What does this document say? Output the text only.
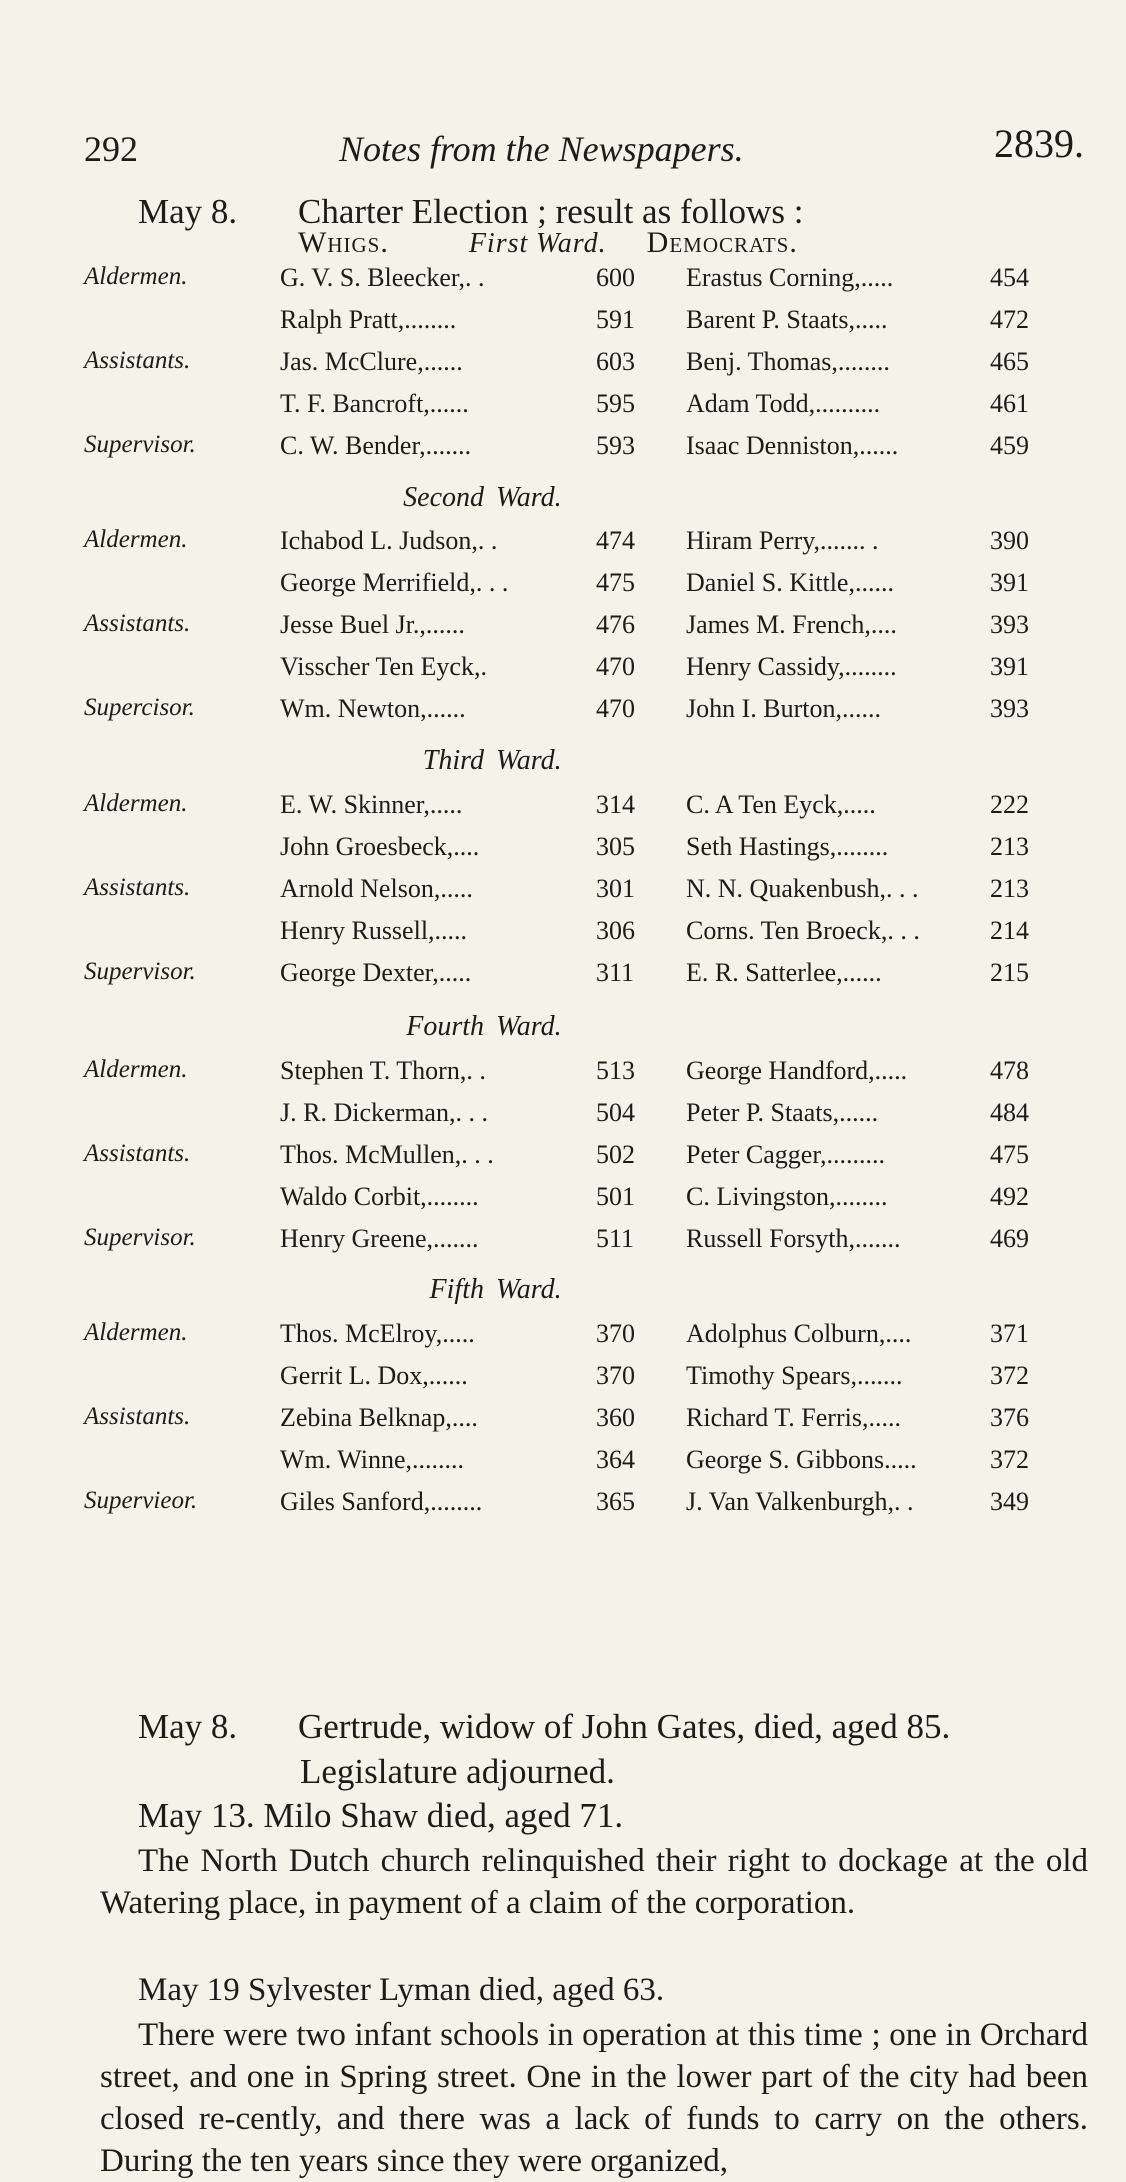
292	Notes from the Newspapers.	2839.
May 8. Charter Election ; result as follows :
Whigs.	First Ward. Democrats.
Aldermen.	G. V. S. Bleecker,. .	600 Erastus Corning,.....	454
Ralph Pratt,........	591 Barent P. Staats,.....	472
Assistants.	Jas. McClure,......	603 Benj. Thomas,........	465
T. F. Bancroft,......	595 Adam Todd,..........	461
Supervisor.	C. W. Bender,.......	593 Isaac Denniston,......	459
Second Ward.
Aldermen.	Ichabod L. Judson,. .	474 Hiram Perry,....... .	390
George Merrifield,. . .	475 Daniel S. Kittle,......	391
Assistants.	Jesse Buel Jr.,......	476 James M. French,....	393
Visscher Ten Eyck,.	470 Henry Cassidy,........	391
Supercisor.	Wm. Newton,......	470 John I. Burton,......	393
Third Ward.
Aldermen.	E. W. Skinner,.....	314 C. A Ten Eyck,.....	222
John Groesbeck,....	305 Seth Hastings,........	213
Assistants.	Arnold Nelson,.....	301 N. N. Quakenbush,. . .	213
Henry Russell,.....	306 Corns. Ten Broeck,. . .	214
Supervisor.	George Dexter,.....	311 E. R. Satterlee,......	215
Fourth Ward.
Aldermen.	Stephen T. Thorn,. .	513 George Handford,.....	478
J. R. Dickerman,. . .	504 Peter P. Staats,......	484
Assistants.	Thos. McMullen,. . .	502 Peter Cagger,.........	475
Waldo Corbit,........	501 C. Livingston,........	492
Supervisor.	Henry Greene,.......	511 Russell Forsyth,.......	469
Fifth Ward.
Aldermen.	Thos. McElroy,.....	370 Adolphus Colburn,....	371
Gerrit L. Dox,......	370 Timothy Spears,.......	372
Assistants.	Zebina Belknap,....	360 Richard T. Ferris,.....	376
Wm. Winne,........	364 George S. Gibbons.....	372
Supervieor.	Giles Sanford,........	365 J. Van Valkenburgh,. .	349
May 8. Gertrude, widow of John Gates, died, aged 85.
Legislature adjourned.
May 13. Milo Shaw died, aged 71.
The North Dutch church relinquished their right to dockage at the old Watering place, in payment of a claim of the corporation.
May 19 Sylvester Lyman died, aged 63.
There were two infant schools in operation at this time ; one in Orchard street, and one in Spring street. One in the lower part of the city had been closed re-cently, and there was a lack of funds to carry on the others. During the ten years since they were organized,
